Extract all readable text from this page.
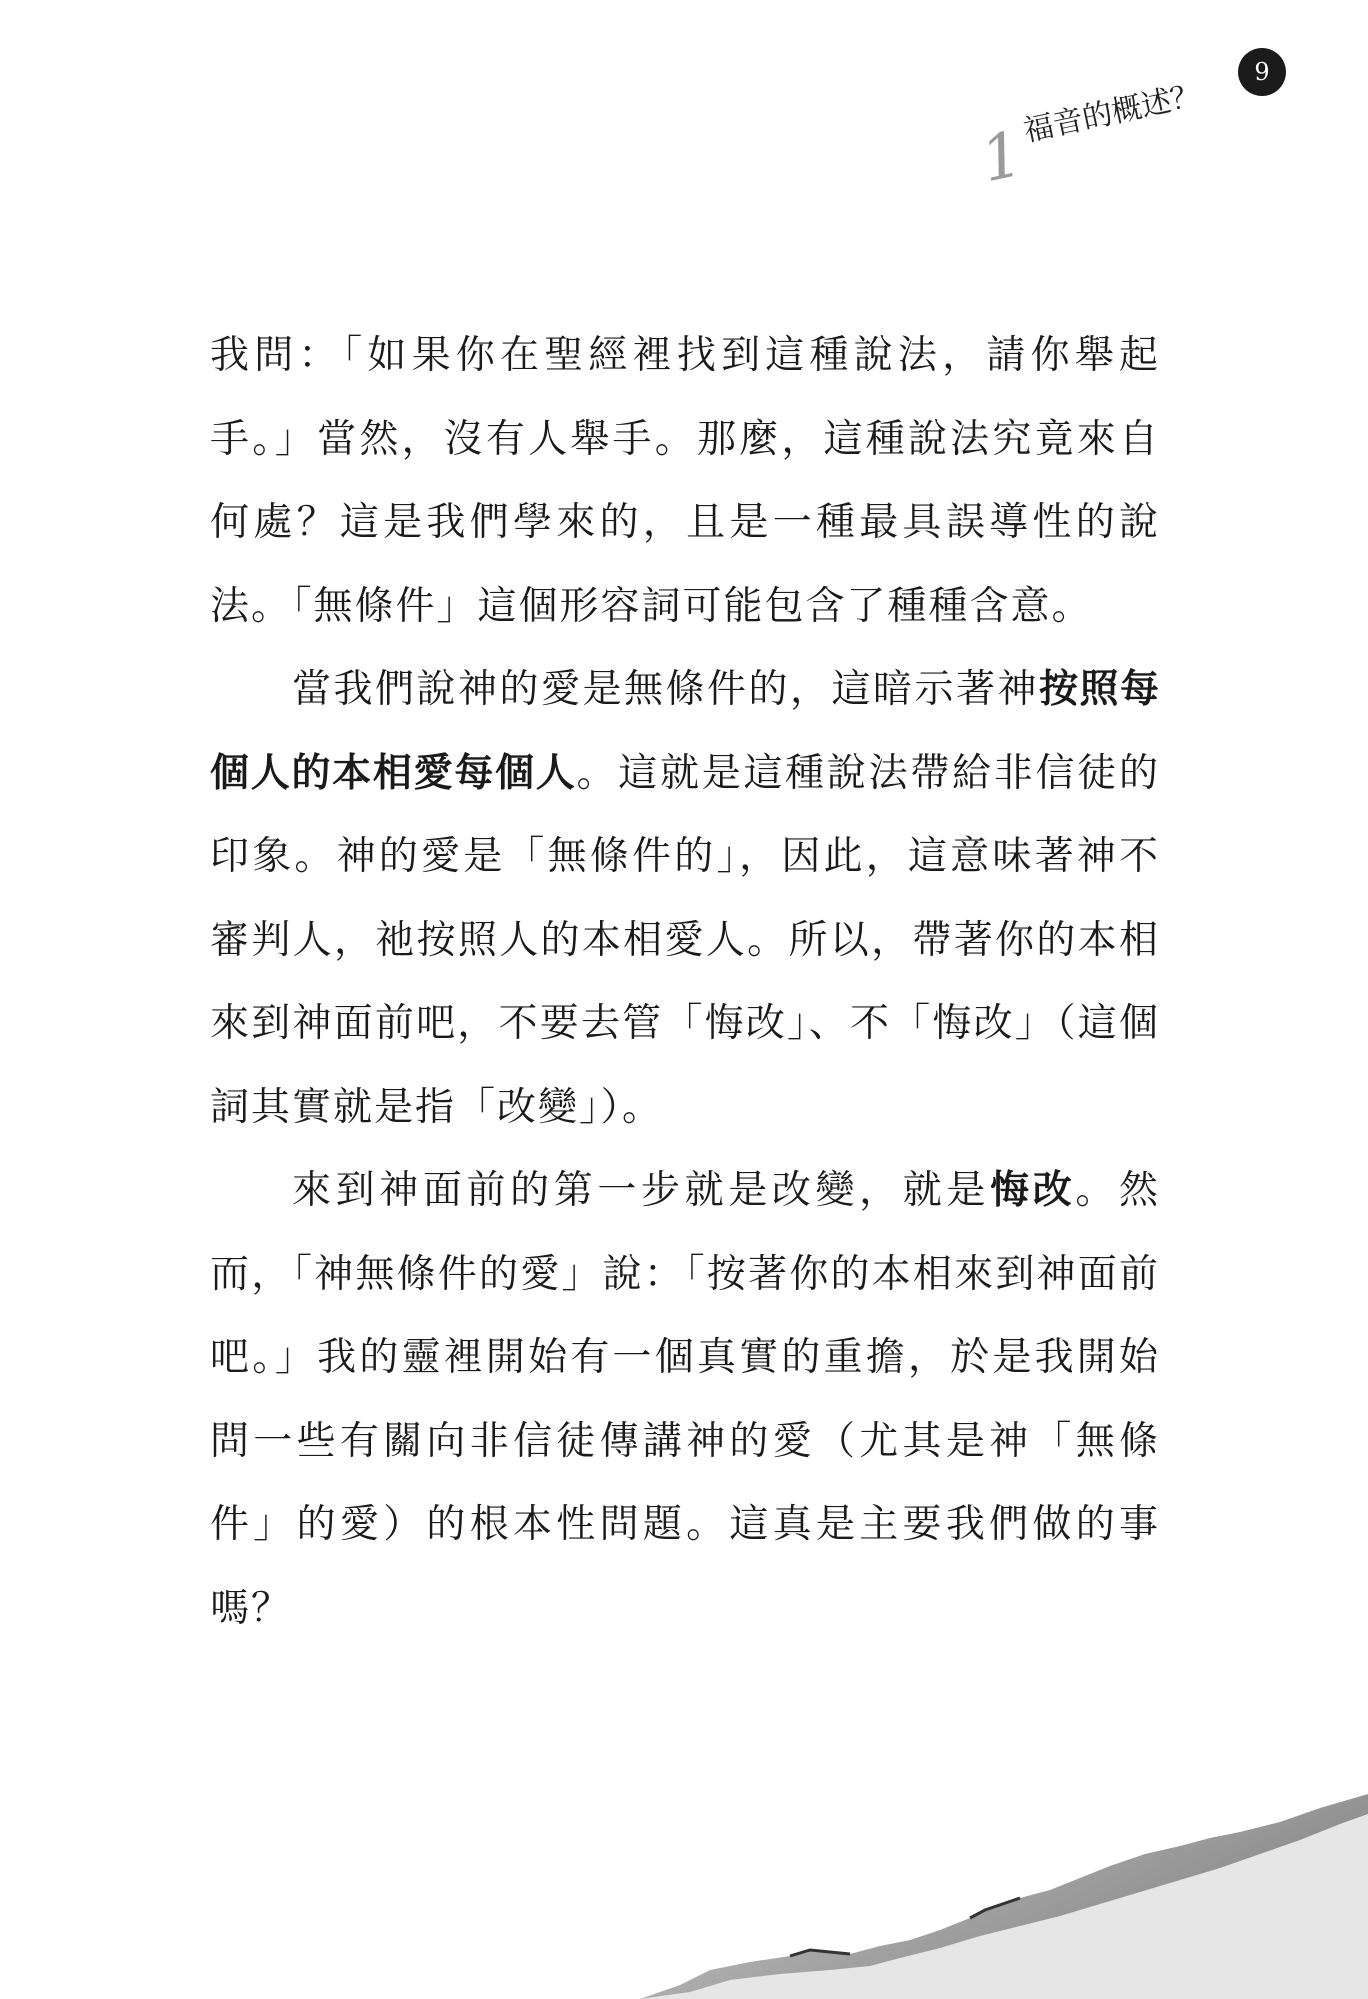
1
福音的概述？
9

我問：「如果你在聖經裡找到這種說法，請你舉起手。」當然，沒有人舉手。那麼，這種說法究竟來自何處？這是我們學來的，且是一種最具誤導性的說法。「無條件」這個形容詞可能包含了種種含意。

當我們說神的愛是無條件的，這暗示著神按照每個人的本相愛每個人。這就是這種說法帶給非信徒的印象。神的愛是「無條件的」，因此，這意味著神不審判人，祂按照人的本相愛人。所以，帶著你的本相來到神面前吧，不要去管「悔改」、不「悔改」（這個詞其實就是指「改變」）。

來到神面前的第一步就是改變，就是悔改。然而，「神無條件的愛」說：「按著你的本相來到神面前吧。」我的靈裡開始有一個真實的重擔，於是我開始問一些有關向非信徒傳講神的愛（尤其是神「無條件」的愛）的根本性問題。這真是主要我們做的事嗎？
